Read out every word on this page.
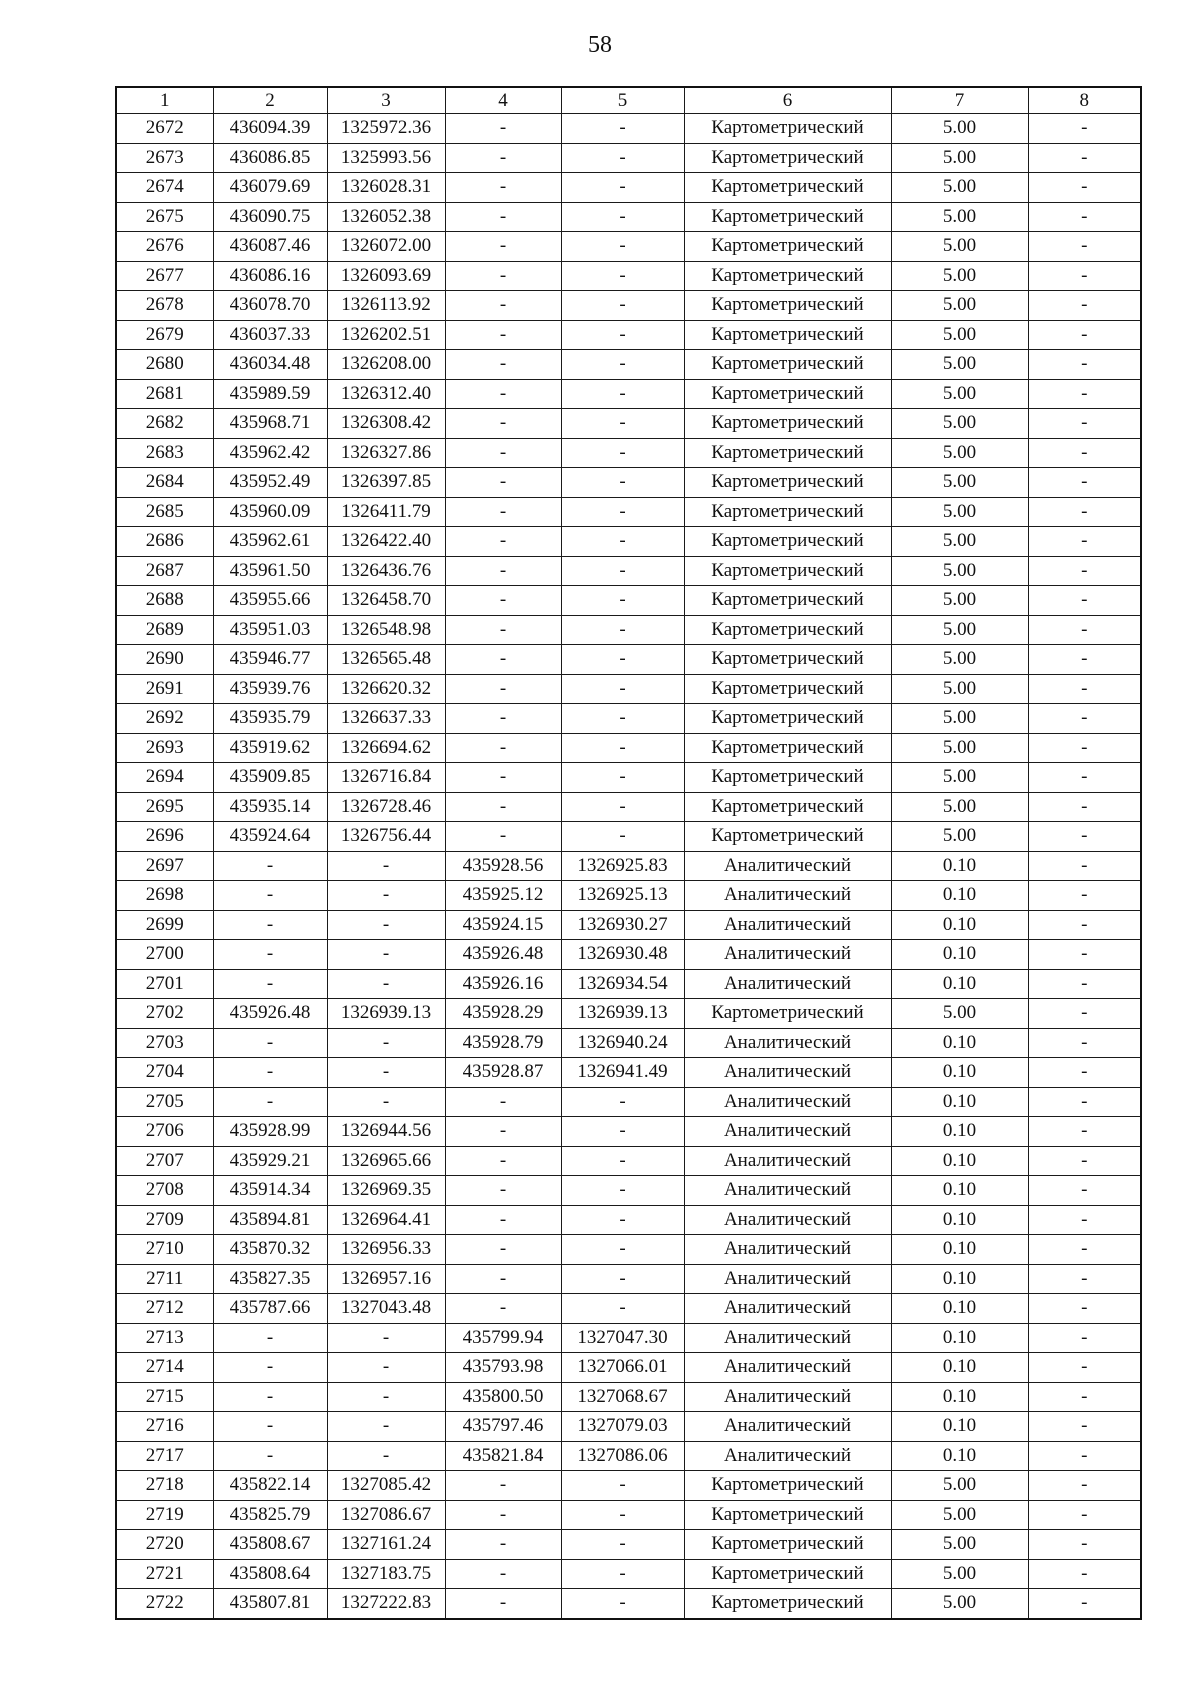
58
1	2	3	4	5	6	7	8
2672	436094.39	1325972.36	-	-	Картометрический	5.00	-
2673	436086.85	1325993.56	-	-	Картометрический	5.00	-
2674	436079.69	1326028.31	-	-	Картометрический	5.00	-
2675	436090.75	1326052.38	-	-	Картометрический	5.00	-
2676	436087.46	1326072.00	-	-	Картометрический	5.00	-
2677	436086.16	1326093.69	-	-	Картометрический	5.00	-
2678	436078.70	1326113.92	-	-	Картометрический	5.00	-
2679	436037.33	1326202.51	-	-	Картометрический	5.00	-
2680	436034.48	1326208.00	-	-	Картометрический	5.00	-
2681	435989.59	1326312.40	-	-	Картометрический	5.00	-
2682	435968.71	1326308.42	-	-	Картометрический	5.00	-
2683	435962.42	1326327.86	-	-	Картометрический	5.00	-
2684	435952.49	1326397.85	-	-	Картометрический	5.00	-
2685	435960.09	1326411.79	-	-	Картометрический	5.00	-
2686	435962.61	1326422.40	-	-	Картометрический	5.00	-
2687	435961.50	1326436.76	-	-	Картометрический	5.00	-
2688	435955.66	1326458.70	-	-	Картометрический	5.00	-
2689	435951.03	1326548.98	-	-	Картометрический	5.00	-
2690	435946.77	1326565.48	-	-	Картометрический	5.00	-
2691	435939.76	1326620.32	-	-	Картометрический	5.00	-
2692	435935.79	1326637.33	-	-	Картометрический	5.00	-
2693	435919.62	1326694.62	-	-	Картометрический	5.00	-
2694	435909.85	1326716.84	-	-	Картометрический	5.00	-
2695	435935.14	1326728.46	-	-	Картометрический	5.00	-
2696	435924.64	1326756.44	-	-	Картометрический	5.00	-
2697	-	-	435928.56	1326925.83	Аналитический	0.10	-
2698	-	-	435925.12	1326925.13	Аналитический	0.10	-
2699	-	-	435924.15	1326930.27	Аналитический	0.10	-
2700	-	-	435926.48	1326930.48	Аналитический	0.10	-
2701	-	-	435926.16	1326934.54	Аналитический	0.10	-
2702	435926.48	1326939.13	435928.29	1326939.13	Картометрический	5.00	-
2703	-	-	435928.79	1326940.24	Аналитический	0.10	-
2704	-	-	435928.87	1326941.49	Аналитический	0.10	-
2705	-	-	-	-	Аналитический	0.10	-
2706	435928.99	1326944.56	-	-	Аналитический	0.10	-
2707	435929.21	1326965.66	-	-	Аналитический	0.10	-
2708	435914.34	1326969.35	-	-	Аналитический	0.10	-
2709	435894.81	1326964.41	-	-	Аналитический	0.10	-
2710	435870.32	1326956.33	-	-	Аналитический	0.10	-
2711	435827.35	1326957.16	-	-	Аналитический	0.10	-
2712	435787.66	1327043.48	-	-	Аналитический	0.10	-
2713	-	-	435799.94	1327047.30	Аналитический	0.10	-
2714	-	-	435793.98	1327066.01	Аналитический	0.10	-
2715	-	-	435800.50	1327068.67	Аналитический	0.10	-
2716	-	-	435797.46	1327079.03	Аналитический	0.10	-
2717	-	-	435821.84	1327086.06	Аналитический	0.10	-
2718	435822.14	1327085.42	-	-	Картометрический	5.00	-
2719	435825.79	1327086.67	-	-	Картометрический	5.00	-
2720	435808.67	1327161.24	-	-	Картометрический	5.00	-
2721	435808.64	1327183.75	-	-	Картометрический	5.00	-
2722	435807.81	1327222.83	-	-	Картометрический	5.00	-
